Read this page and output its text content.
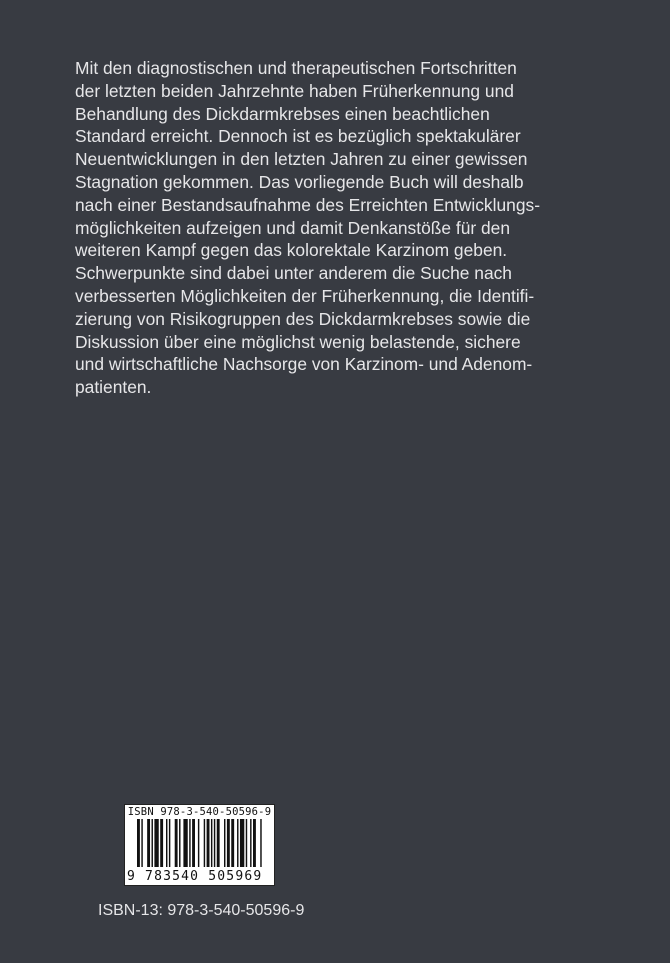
Mit den diagnostischen und therapeutischen Fortschritten
der letzten beiden Jahrzehnte haben Früherkennung und
Behandlung des Dickdarmkrebses einen beachtlichen
Standard erreicht. Dennoch ist es bezüglich spektakulärer
Neuentwicklungen in den letzten Jahren zu einer gewissen
Stagnation gekommen. Das vorliegende Buch will deshalb
nach einer Bestandsaufnahme des Erreichten Entwicklungs-
möglichkeiten aufzeigen und damit Denkanstöße für den
weiteren Kampf gegen das kolorektale Karzinom geben.
Schwerpunkte sind dabei unter anderem die Suche nach
verbesserten Möglichkeiten der Früherkennung, die Identifi-
zierung von Risikogruppen des Dickdarmkrebses sowie die
Diskussion über eine möglichst wenig belastende, sichere
und wirtschaftliche Nachsorge von Karzinom- und Adenom-
patienten.
ISBN 978-3-540-50596-9
9 783540 505969
ISBN-13: 978-3-540-50596-9
